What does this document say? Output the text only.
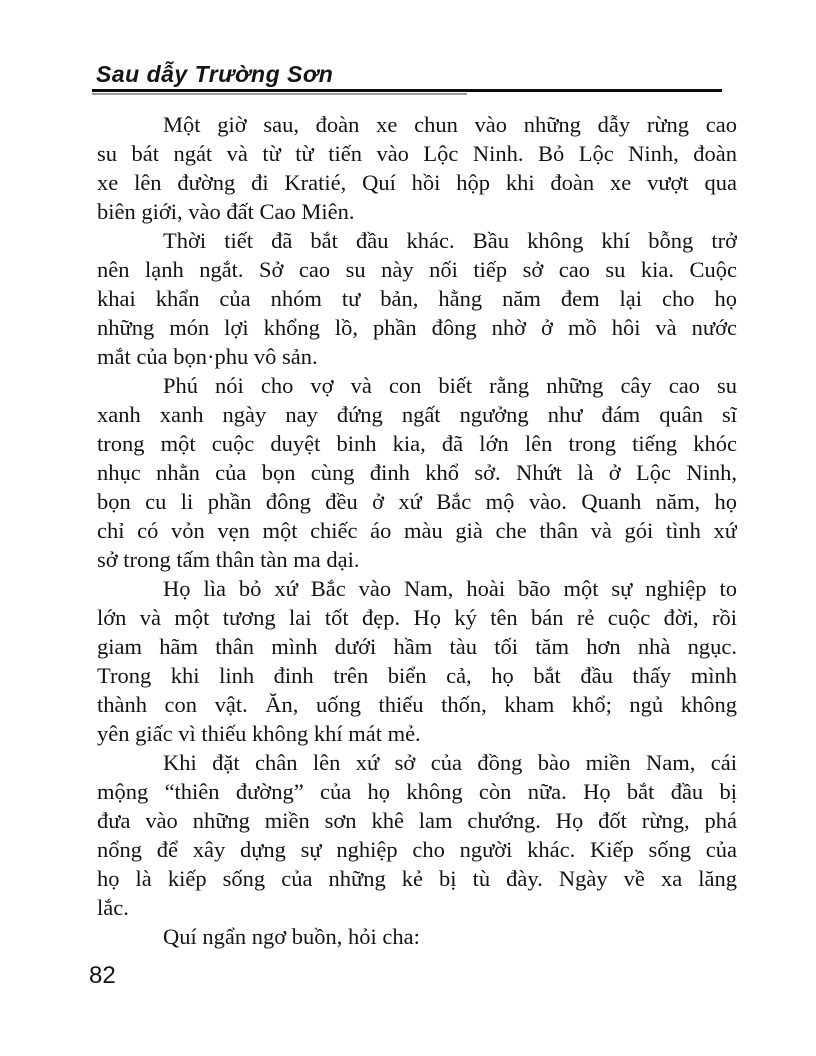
Sau dẫy Trường Sơn
Một giờ sau, đoàn xe chun vào những dẫy rừng cao
su bát ngát và từ từ tiến vào Lộc Ninh. Bỏ Lộc Ninh, đoàn
xe lên đường đi Kratié, Quí hồi hộp khi đoàn xe vượt qua
biên giới, vào đất Cao Miên.
Thời tiết đã bắt đầu khác. Bầu không khí bỗng trở
nên lạnh ngắt. Sở cao su này nối tiếp sở cao su kia. Cuộc
khai khẩn của nhóm tư bản, hằng năm đem lại cho họ
những món lợi khổng lồ, phần đông nhờ ở mồ hôi và nước
mắt của bọn·phu vô sản.
Phú nói cho vợ và con biết rằng những cây cao su
xanh xanh ngày nay đứng ngất ngưởng như đám quân sĩ
trong một cuộc duyệt binh kia, đã lớn lên trong tiếng khóc
nhục nhằn của bọn cùng đinh khổ sở. Nhứt là ở Lộc Ninh,
bọn cu li phần đông đều ở xứ Bắc mộ vào. Quanh năm, họ
chỉ có vỏn vẹn một chiếc áo màu già che thân và gói tình xứ
sở trong tấm thân tàn ma dại.
Họ lìa bỏ xứ Bắc vào Nam, hoài bão một sự nghiệp to
lớn và một tương lai tốt đẹp. Họ ký tên bán rẻ cuộc đời, rồi
giam hãm thân mình dưới hầm tàu tối tăm hơn nhà ngục.
Trong khi linh đinh trên biển cả, họ bắt đầu thấy mình
thành con vật. Ăn, uống thiếu thốn, kham khổ; ngủ không
yên giấc vì thiếu không khí mát mẻ.
Khi đặt chân lên xứ sở của đồng bào miền Nam, cái
mộng “thiên đường” của họ không còn nữa. Họ bắt đầu bị
đưa vào những miền sơn khê lam chướng. Họ đốt rừng, phá
nổng để xây dựng sự nghiệp cho người khác. Kiếp sống của
họ là kiếp sống của những kẻ bị tù đày. Ngày về xa lăng
lắc.
Quí ngẩn ngơ buồn, hỏi cha:
82
